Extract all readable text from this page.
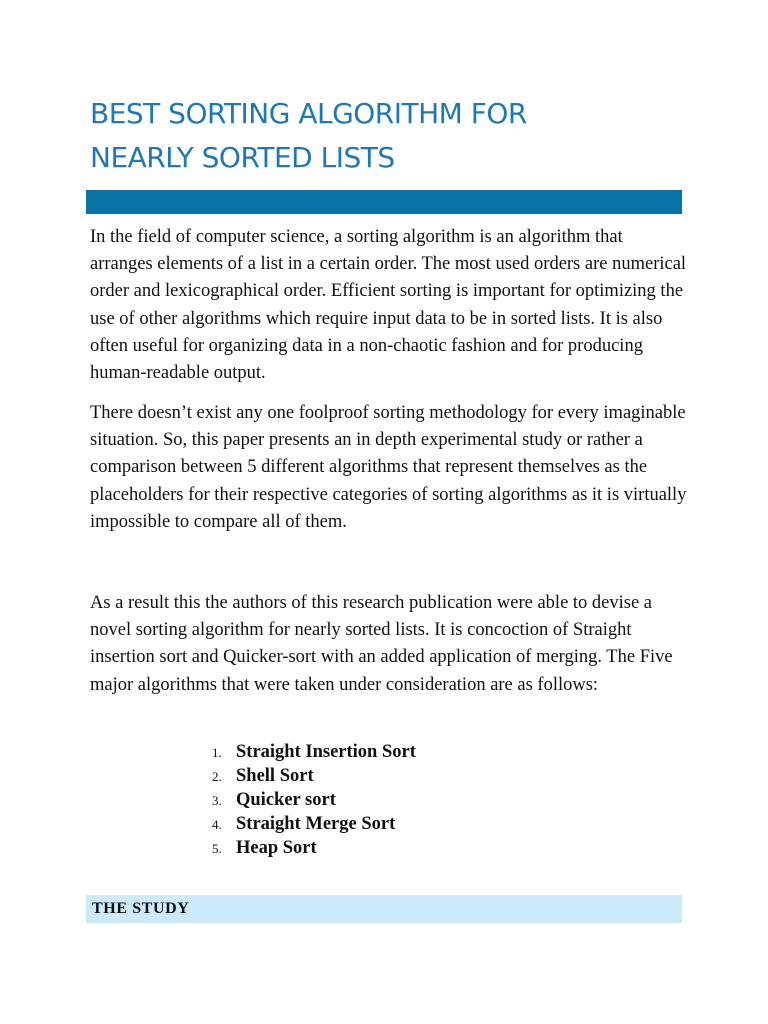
BEST SORTING ALGORITHM FOR
NEARLY SORTED LISTS

In the field of computer science, a sorting algorithm is an algorithm that arranges elements of a list in a certain order. The most used orders are numerical order and lexicographical order. Efficient sorting is important for optimizing the use of other algorithms which require input data to be in sorted lists. It is also often useful for organizing data in a non-chaotic fashion and for producing human-readable output.

There doesn’t exist any one foolproof sorting methodology for every imaginable situation. So, this paper presents an in depth experimental study or rather a comparison between 5 different algorithms that represent themselves as the placeholders for their respective categories of sorting algorithms as it is virtually impossible to compare all of them.

As a result this the authors of this research publication were able to devise a novel sorting algorithm for nearly sorted lists. It is concoction of Straight insertion sort and Quicker-sort with an added application of merging. The Five major algorithms that were taken under consideration are as follows:

1. Straight Insertion Sort
2. Shell Sort
3. Quicker sort
4. Straight Merge Sort
5. Heap Sort
THE STUDY
